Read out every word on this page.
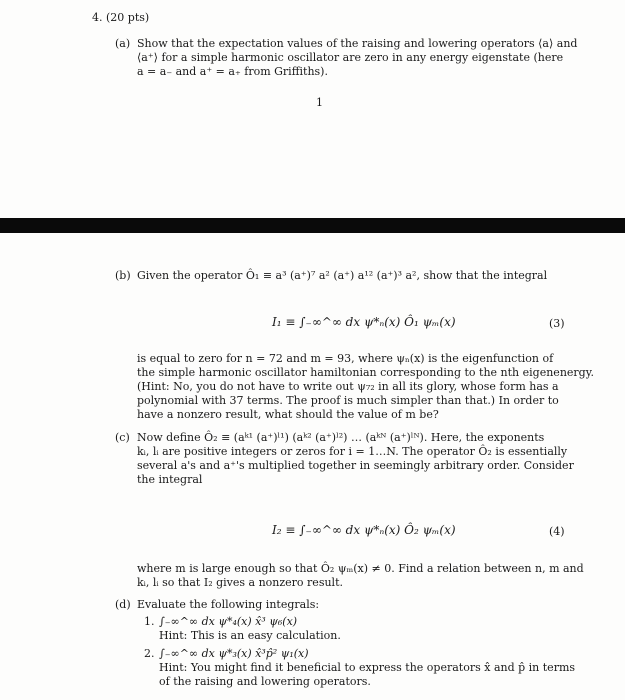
4. (20 pts)
(a) Show that the expectation values of the raising and lowering operators ⟨a⟩ and
⟨a⁺⟩ for a simple harmonic oscillator are zero in any energy eigenstate (here
a = a₋ and a⁺ = a₊ from Griffiths).
1
(b) Given the operator Ô₁ ≡ a³ (a⁺)⁷ a² (a⁺) a¹² (a⁺)³ a², show that the integral
I₁ ≡ ∫₋∞^∞ dx ψ*ₙ(x) Ô₁ ψₘ(x)	(3)
is equal to zero for n = 72 and m = 93, where ψₙ(x) is the eigenfunction of
the simple harmonic oscillator hamiltonian corresponding to the nth eigenenergy.
(Hint: No, you do not have to write out ψ₇₂ in all its glory, whose form has a
polynomial with 37 terms. The proof is much simpler than that.) In order to
have a nonzero result, what should the value of m be?
(c) Now define Ô₂ ≡ (aᵏ¹ (a⁺)ˡ¹) (aᵏ² (a⁺)ˡ²) … (aᵏᴺ (a⁺)ˡᴺ). Here, the exponents
kᵢ, lᵢ are positive integers or zeros for i = 1…N. The operator Ô₂ is essentially
several a's and a⁺'s multiplied together in seemingly arbitrary order. Consider
the integral
I₂ ≡ ∫₋∞^∞ dx ψ*ₙ(x) Ô₂ ψₘ(x)	(4)
where m is large enough so that Ô₂ ψₘ(x) ≠ 0. Find a relation between n, m and
kᵢ, lᵢ so that I₂ gives a nonzero result.
(d) Evaluate the following integrals:
1. ∫₋∞^∞ dx ψ*₄(x) x̂³ ψ₆(x)
Hint: This is an easy calculation.
2. ∫₋∞^∞ dx ψ*₃(x) x̂³p̂² ψ₁(x)
Hint: You might find it beneficial to express the operators x̂ and p̂ in terms
of the raising and lowering operators.
